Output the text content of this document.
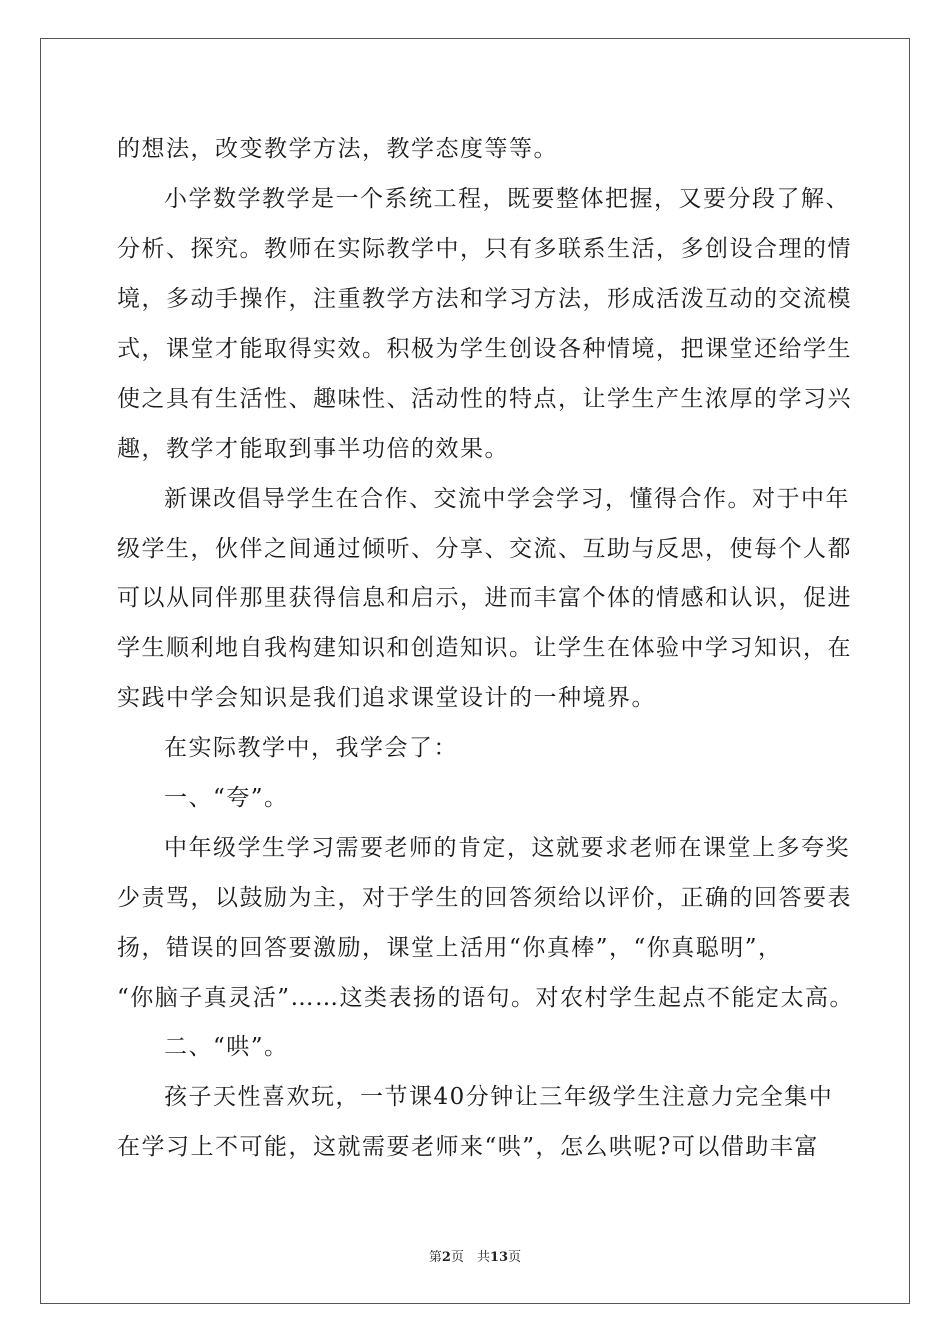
的想法，改变教学方法，教学态度等等。
小学数学教学是一个系统工程，既要整体把握，又要分段了解、
分析、探究。教师在实际教学中，只有多联系生活，多创设合理的情
境，多动手操作，注重教学方法和学习方法，形成活泼互动的交流模
式，课堂才能取得实效。积极为学生创设各种情境，把课堂还给学生
使之具有生活性、趣味性、活动性的特点，让学生产生浓厚的学习兴
趣，教学才能取到事半功倍的效果。
新课改倡导学生在合作、交流中学会学习，懂得合作。对于中年
级学生，伙伴之间通过倾听、分享、交流、互助与反思，使每个人都
可以从同伴那里获得信息和启示，进而丰富个体的情感和认识，促进
学生顺利地自我构建知识和创造知识。让学生在体验中学习知识，在
实践中学会知识是我们追求课堂设计的一种境界。
在实际教学中，我学会了：
一、“夸”。
中年级学生学习需要老师的肯定，这就要求老师在课堂上多夸奖
少责骂，以鼓励为主，对于学生的回答须给以评价，正确的回答要表
扬，错误的回答要激励，课堂上活用“你真棒”，“你真聪明”，
“你脑子真灵活”……这类表扬的语句。对农村学生起点不能定太高。
二、“哄”。
孩子天性喜欢玩，一节课40分钟让三年级学生注意力完全集中
在学习上不可能，这就需要老师来“哄”，怎么哄呢?可以借助丰富
第2页　共13页
